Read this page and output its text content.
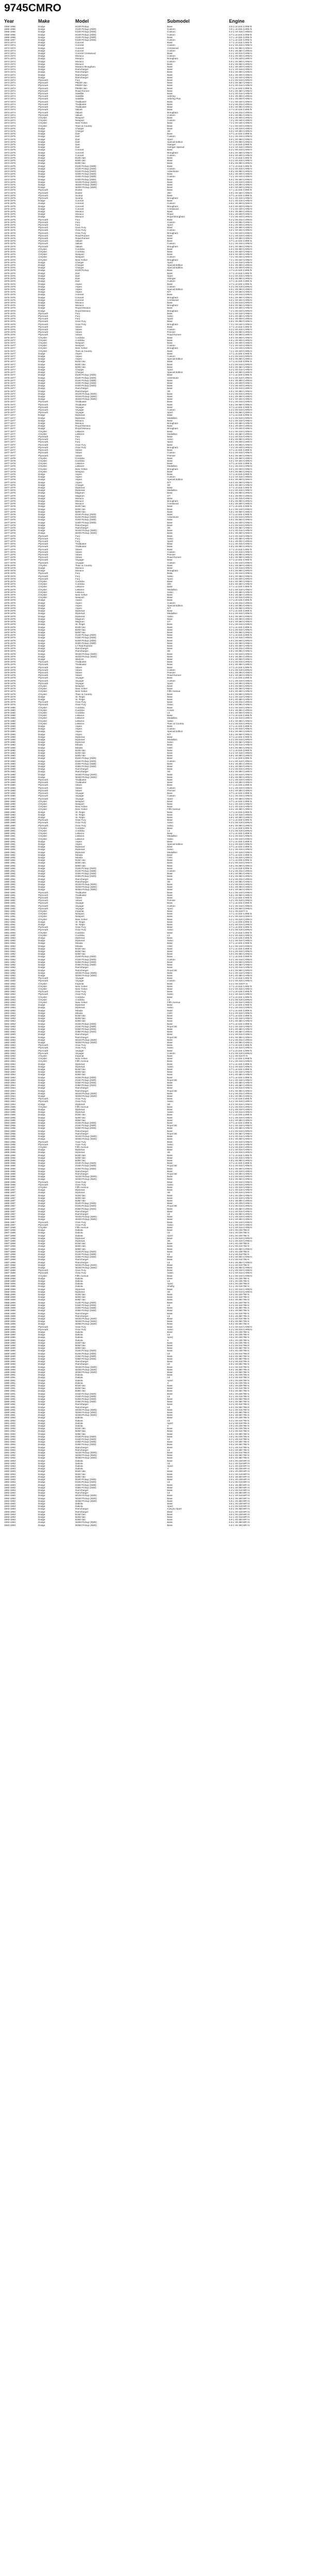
9745CMRO
Year	Make	Model	Submodel	Engine
1966-1966	Dodge	D100 Pickup	Base	3.9 L L6 225 CARB N
1966-1966	Dodge	D100 Pickup (2WD)	Custom	3.9 L L6 225 CARB N
1966-1966	Dodge	D100 Pickup (2WD)	Custom	5.2 L V8 318 CARB N
1966-1966	Dodge	D100 Pickup (2WD)	Custom	3.7 L L6 225 CARB N
1966-1966	Dodge	D100 Pickup (2WD)	Base	3.7 L L6 225 CARB N
1966-1967	Dodge	D100 Pickup (2WD)	Custom	3.7 L L6 225 CARB N
1974-1974	Dodge	Coronet	Base	3.7 L L6 225 CARB N
1974-1974	Dodge	Coronet	Custom	5.2 L V8 318 CARB N
1974-1974	Dodge	Coronet	Crestwood	5.9 L V8 360 CARB N
1974-1974	Dodge	Coronet	Custom	5.9 L V8 360 CARB N
1974-1974	Dodge	Coronet Crestwood	Base	5.2 L V8 318 CARB N
1974-1974	Dodge	Monaco	Custom	6.6 L V8 400 CARB N
1974-1974	Dodge	Monaco	Brougham	7.2 L V8 440 CARB N
1974-1974	Dodge	Monaco	Custom	5.9 L V8 360 CARB N
1974-1974	Dodge	Monaco	Base	5.9 L V8 360 CARB N
1974-1974	Dodge	Monaco Brougham	Base	6.6 L V8 400 CARB N
1974-1974	Dodge	Ramcharger	Base	5.2 L V8 318 CARB N
1974-1974	Dodge	Ramcharger	Base	5.9 L V8 360 CARB N
1974-1974	Dodge	Ramcharger	Base	6.6 L V8 400 CARB N
1974-1974	Dodge	Ramcharger	Base	7.2 L V8 440 CARB N
1974-1974	Plymouth	Fury	Base	5.2 L V8 318 CARB N
1974-1974	Plymouth	PB100 Van	Base	5.9 L V8 360 CARB N
1974-1974	Plymouth	PB200 Van	Base	5.2 L V8 318 CARB N
1974-1974	Plymouth	PB300 Van	Base	3.7 L L6 225 CARB N
1974-1974	Plymouth	Road Runner	Base	5.9 L V8 360 CARB N
1974-1974	Plymouth	Satellite	Base	5.2 L V8 318 CARB N
1974-1974	Plymouth	Satellite	Sebring	5.9 L V8 360 CARB N
1974-1974	Plymouth	Satellite	Sebring-Plus	6.6 L V8 400 CARB N
1974-1974	Plymouth	Trailduster	Base	7.2 L V8 440 CARB N
1974-1974	Plymouth	Trailduster	Base	5.2 L V8 318 CARB N
1974-1974	Plymouth	Trailduster	Base	5.9 L V8 360 CARB N
1974-1974	Plymouth	Valiant	Base	3.7 L L6 225 CARB N
1974-1974	Plymouth	Valiant	Brougham	5.2 L V8 318 CARB N
1974-1974	Plymouth	Valiant	Custom	5.9 L V8 360 CARB N
1974-1974	Chrysler	Newport	Base	6.6 L V8 400 CARB N
1974-1974	Chrysler	Newport	Custom	7.2 L V8 440 CARB N
1974-1974	Chrysler	New Yorker	Base	7.2 L V8 440 CARB N
1974-1974	Chrysler	Town & Country	Base	7.2 L V8 440 CARB N
1974-1975	Dodge	Charger	Base	5.2 L V8 318 CARB N
1974-1975	Dodge	Charger	SE	5.9 L V8 360 CARB N
1974-1975	Dodge	Dart	Base	3.7 L L6 225 CARB N
1974-1975	Dodge	Dart	Custom	5.2 L V8 318 CARB N
1974-1975	Dodge	Dart	Sport	5.9 L V8 360 CARB N
1974-1975	Dodge	Dart	Special Edition	5.9 L V8 360 CARB N
1974-1975	Dodge	Dart	Swinger	3.7 L L6 225 CARB N
1974-1975	Dodge	Dart	Swinger Special	5.2 L V8 318 CARB N
1974-1975	Dodge	Coronet	Base	5.2 L V8 318 CARB N
1974-1975	Dodge	Coronet	Brougham	5.9 L V8 360 CARB N
1974-1975	Dodge	Coronet	Custom	6.6 L V8 400 CARB N
1974-1975	Dodge	B100 Van	Base	3.7 L L6 225 CARB N
1974-1975	Dodge	B200 Van	Base	5.2 L V8 318 CARB N
1974-1975	Dodge	B300 Van	Base	5.9 L V8 360 CARB N
1974-1975	Dodge	D100 Pickup (2WD)	Base	3.7 L L6 225 CARB N
1974-1975	Dodge	D100 Pickup (2WD)	Custom	5.2 L V8 318 CARB N
1974-1975	Dodge	D100 Pickup (2WD)	Adventurer	5.9 L V8 360 CARB N
1974-1975	Dodge	D200 Pickup (2WD)	Base	6.6 L V8 400 CARB N
1974-1975	Dodge	D200 Pickup (2WD)	Custom	7.2 L V8 440 CARB N
1974-1975	Dodge	D300 Pickup (2WD)	Base	5.9 L V8 360 CARB N
1974-1975	Dodge	W100 Pickup (4WD)	Base	5.2 L V8 318 CARB N
1974-1975	Dodge	W200 Pickup (4WD)	Base	5.9 L V8 360 CARB N
1974-1975	Dodge	W300 Pickup (4WD)	Base	6.6 L V8 400 CARB N
1974-1975	Plymouth	Duster	Base	3.7 L L6 225 CARB N
1974-1975	Plymouth	Duster	360	5.9 L V8 360 CARB N
1974-1975	Plymouth	Scamp	Base	3.7 L L6 225 CARB N
1974-1975	Plymouth	Scamp	Brougham	5.2 L V8 318 CARB N
1975-1975	Dodge	Coronet	Base	5.2 L V8 318 CARB N
1975-1975	Dodge	Coronet	Custom	5.9 L V8 360 CARB N
1975-1975	Dodge	Coronet	Brougham	6.6 L V8 400 CARB N
1975-1975	Dodge	Coronet	Crestwood	7.2 L V8 440 CARB N
1975-1975	Dodge	Monaco	Base	5.9 L V8 360 CARB N
1975-1975	Dodge	Monaco	Royal	6.6 L V8 400 CARB N
1975-1975	Dodge	Monaco	Royal Brougham	7.2 L V8 440 CARB N
1975-1975	Plymouth	Fury	Base	5.2 L V8 318 CARB N
1975-1975	Plymouth	Fury	Custom	5.9 L V8 360 CARB N
1975-1975	Plymouth	Fury	Sport	6.6 L V8 400 CARB N
1975-1975	Plymouth	Gran Fury	Base	5.9 L V8 360 CARB N
1975-1975	Plymouth	Gran Fury	Custom	6.6 L V8 400 CARB N
1975-1975	Plymouth	Gran Fury	Brougham	7.2 L V8 440 CARB N
1975-1975	Plymouth	Road Runner	Base	5.2 L V8 318 CARB N
1975-1975	Plymouth	Road Runner	Base	5.9 L V8 360 CARB N
1975-1975	Plymouth	Valiant	Base	3.7 L L6 225 CARB N
1975-1975	Plymouth	Valiant	Custom	5.2 L V8 318 CARB N
1975-1975	Plymouth	Valiant	Brougham	5.9 L V8 360 CARB N
1975-1976	Chrysler	Cordoba	Base	5.9 L V8 360 CARB N
1975-1976	Chrysler	Cordoba	Base	6.6 L V8 400 CARB N
1975-1976	Chrysler	Newport	Base	6.6 L V8 400 CARB N
1975-1976	Chrysler	Newport	Custom	7.2 L V8 440 CARB N
1975-1976	Chrysler	New Yorker	Brougham	7.2 L V8 440 CARB N
1975-1976	Dodge	Charger	Sport	5.2 L V8 318 CARB N
1975-1976	Dodge	Charger	Special Edition	5.9 L V8 360 CARB N
1975-1976	Dodge	Charger	Special Edition	6.6 L V8 400 CARB N
1975-1976	Dodge	D100 Pickup	Base	3.7 L L6 225 CARB N
1975-1976	Dodge	Dart	Base	3.7 L L6 225 CARB N
1975-1976	Dodge	Dart	Sport	5.2 L V8 318 CARB N
1975-1976	Dodge	Dart	Swinger	5.9 L V8 360 CARB N
1975-1976	Dodge	Dart	Custom	3.7 L L6 225 CARB N
1976-1976	Dodge	Aspen	Base	3.7 L L6 225 CARB N
1976-1976	Dodge	Aspen	Custom	5.2 L V8 318 CARB N
1976-1976	Dodge	Aspen	Special Edition	5.9 L V8 360 CARB N
1976-1976	Dodge	Aspen	R/T	5.9 L V8 360 CARB N
1976-1976	Dodge	Coronet	Base	5.2 L V8 318 CARB N
1976-1976	Dodge	Coronet	Brougham	5.9 L V8 360 CARB N
1976-1976	Dodge	Coronet	Crestwood	6.6 L V8 400 CARB N
1976-1976	Dodge	Monaco	Base	5.2 L V8 318 CARB N
1976-1976	Dodge	Monaco	Brougham	5.9 L V8 360 CARB N
1976-1976	Dodge	Royal Monaco	Base	6.6 L V8 400 CARB N
1976-1976	Dodge	Royal Monaco	Brougham	7.2 L V8 440 CARB N
1976-1976	Plymouth	Fury	Base	5.2 L V8 318 CARB N
1976-1976	Plymouth	Fury	Salon	5.9 L V8 360 CARB N
1976-1976	Plymouth	Fury	Sport	6.6 L V8 400 CARB N
1976-1976	Plymouth	Gran Fury	Base	5.9 L V8 360 CARB N
1976-1976	Plymouth	Gran Fury	Brougham	7.2 L V8 440 CARB N
1976-1976	Plymouth	Volare	Base	3.7 L L6 225 CARB N
1976-1976	Plymouth	Volare	Custom	5.2 L V8 318 CARB N
1976-1976	Plymouth	Volare	Premier	5.9 L V8 360 CARB N
1976-1976	Plymouth	Volare	Road Runner	5.9 L V8 360 CARB N
1976-1977	Chrysler	Cordoba	Base	5.9 L V8 360 CARB N
1976-1977	Chrysler	Cordoba	Base	6.6 L V8 400 CARB N
1976-1977	Chrysler	Newport	Base	6.6 L V8 400 CARB N
1976-1977	Chrysler	Newport	Custom	7.2 L V8 440 CARB N
1976-1977	Chrysler	New Yorker	Brougham	7.2 L V8 440 CARB N
1976-1977	Chrysler	Town & Country	Base	7.2 L V8 440 CARB N
1976-1977	Dodge	Aspen	Base	3.7 L L6 225 CARB N
1976-1977	Dodge	Aspen	Custom	5.2 L V8 318 CARB N
1976-1977	Dodge	Aspen	Special Edition	5.9 L V8 360 CARB N
1976-1977	Dodge	B100 Van	Base	3.7 L L6 225 CARB N
1976-1977	Dodge	B200 Van	Base	5.2 L V8 318 CARB N
1976-1977	Dodge	B300 Van	Base	5.9 L V8 360 CARB N
1976-1977	Dodge	Charger	Sport	5.2 L V8 318 CARB N
1976-1977	Dodge	Charger	Special Edition	5.9 L V8 360 CARB N
1976-1977	Dodge	D100 Pickup (2WD)	Base	3.7 L L6 225 CARB N
1976-1977	Dodge	D100 Pickup (2WD)	Adventurer	5.2 L V8 318 CARB N
1976-1977	Dodge	D150 Pickup (2WD)	Base	5.9 L V8 360 CARB N
1976-1977	Dodge	D200 Pickup (2WD)	Base	6.6 L V8 400 CARB N
1976-1977	Dodge	D300 Pickup (2WD)	Base	7.2 L V8 440 CARB N
1976-1977	Dodge	Ramcharger	Base	5.2 L V8 318 CARB N
1976-1977	Dodge	Ramcharger	SE	5.9 L V8 360 CARB N
1976-1977	Dodge	W100 Pickup (4WD)	Base	5.2 L V8 318 CARB N
1976-1977	Dodge	W150 Pickup (4WD)	Base	5.9 L V8 360 CARB N
1976-1977	Dodge	W200 Pickup (4WD)	Base	6.6 L V8 400 CARB N
1976-1977	Plymouth	Trailduster	Base	5.2 L V8 318 CARB N
1976-1977	Plymouth	Trailduster	Base	5.9 L V8 360 CARB N
1976-1977	Plymouth	Voyager	Base	3.7 L L6 225 CARB N
1976-1977	Plymouth	Voyager	Custom	5.2 L V8 318 CARB N
1976-1977	Plymouth	Voyager	Sport	5.9 L V8 360 CARB N
1977-1977	Dodge	Diplomat	Base	3.7 L L6 225 CARB N
1977-1977	Dodge	Diplomat	Medallion	5.2 L V8 318 CARB N
1977-1977	Dodge	Monaco	Base	5.2 L V8 318 CARB N
1977-1977	Dodge	Monaco	Brougham	5.9 L V8 360 CARB N
1977-1977	Dodge	Royal Monaco	Base	6.6 L V8 400 CARB N
1977-1977	Dodge	Royal Monaco	Brougham	7.2 L V8 440 CARB N
1977-1977	Chrysler	LeBaron	Base	5.2 L V8 318 CARB N
1977-1977	Chrysler	LeBaron	Medallion	5.9 L V8 360 CARB N
1977-1977	Plymouth	Fury	Base	5.2 L V8 318 CARB N
1977-1977	Plymouth	Fury	Salon	5.9 L V8 360 CARB N
1977-1977	Plymouth	Fury	Sport	6.6 L V8 400 CARB N
1977-1977	Plymouth	Gran Fury	Base	5.9 L V8 360 CARB N
1977-1977	Plymouth	Gran Fury	Brougham	7.2 L V8 440 CARB N
1977-1977	Plymouth	Volare	Base	3.7 L L6 225 CARB N
1977-1977	Plymouth	Volare	Custom	5.2 L V8 318 CARB N
1977-1977	Plymouth	Volare	Premier	5.9 L V8 360 CARB N
1977-1978	Chrysler	Cordoba	Base	5.9 L V8 360 CARB N
1977-1978	Chrysler	Cordoba	Base	6.6 L V8 400 CARB N
1977-1978	Chrysler	LeBaron	Base	3.7 L L6 225 CARB N
1977-1978	Chrysler	LeBaron	Medallion	5.2 L V8 318 CARB N
1977-1978	Chrysler	New Yorker	Brougham	6.6 L V8 400 CARB N
1977-1978	Chrysler	Newport	Base	5.9 L V8 360 CARB N
1977-1978	Dodge	Aspen	Base	3.7 L L6 225 CARB N
1977-1978	Dodge	Aspen	Custom	5.2 L V8 318 CARB N
1977-1978	Dodge	Aspen	Special Edition	5.9 L V8 360 CARB N
1977-1978	Dodge	Aspen	R/T	5.9 L V8 360 CARB N
1977-1978	Dodge	Charger	SE	5.9 L V8 360 CARB N
1977-1978	Dodge	Diplomat	Base	3.7 L L6 225 CARB N
1977-1978	Dodge	Diplomat	Medallion	5.2 L V8 318 CARB N
1977-1978	Dodge	Magnum	Base	5.9 L V8 360 CARB N
1977-1978	Dodge	Magnum	GT	6.6 L V8 400 CARB N
1977-1978	Dodge	Monaco	Base	5.2 L V8 318 CARB N
1977-1978	Dodge	Monaco	Brougham	5.9 L V8 360 CARB N
1977-1978	Dodge	Monaco	Crestwood	6.6 L V8 400 CARB N
1977-1978	Dodge	B100 Van	Base	3.7 L L6 225 CARB N
1977-1978	Dodge	B200 Van	Base	5.2 L V8 318 CARB N
1977-1978	Dodge	B300 Van	Base	5.9 L V8 360 CARB N
1977-1978	Dodge	D100 Pickup (2WD)	Base	3.7 L L6 225 CARB N
1977-1978	Dodge	D150 Pickup (2WD)	Adventurer	5.2 L V8 318 CARB N
1977-1978	Dodge	D200 Pickup (2WD)	Base	5.9 L V8 360 CARB N
1977-1978	Dodge	D300 Pickup (2WD)	Base	6.6 L V8 400 CARB N
1977-1978	Dodge	Ramcharger	Base	5.2 L V8 318 CARB N
1977-1978	Dodge	Ramcharger	SE	5.9 L V8 360 CARB N
1977-1978	Dodge	W150 Pickup (4WD)	Base	5.2 L V8 318 CARB N
1977-1978	Dodge	W200 Pickup (4WD)	Base	5.9 L V8 360 CARB N
1977-1978	Plymouth	Fury	Base	5.2 L V8 318 CARB N
1977-1978	Plymouth	Fury	Salon	5.9 L V8 360 CARB N
1977-1978	Plymouth	Fury	Sport	6.6 L V8 400 CARB N
1977-1978	Plymouth	Trailduster	Base	5.2 L V8 318 CARB N
1977-1978	Plymouth	Trailduster	Base	5.9 L V8 360 CARB N
1977-1978	Plymouth	Volare	Base	3.7 L L6 225 CARB N
1977-1978	Plymouth	Volare	Custom	5.2 L V8 318 CARB N
1977-1978	Plymouth	Volare	Premier	5.9 L V8 360 CARB N
1977-1978	Plymouth	Volare	Road Runner	5.9 L V8 360 CARB N
1977-1978	Plymouth	Voyager	Base	3.7 L L6 225 CARB N
1977-1978	Plymouth	Voyager	Custom	5.2 L V8 318 CARB N
1978-1978	Chrysler	Town & Country	Base	5.9 L V8 360 CARB N
1978-1978	Dodge	Monaco	Base	5.2 L V8 318 CARB N
1978-1978	Dodge	Monaco	Brougham	5.9 L V8 360 CARB N
1978-1978	Plymouth	Fury	Base	5.2 L V8 318 CARB N
1978-1978	Plymouth	Fury	Salon	5.9 L V8 360 CARB N
1978-1978	Plymouth	Fury	Sport	6.6 L V8 400 CARB N
1978-1979	Chrysler	Cordoba	Base	5.9 L V8 360 CARB N
1978-1979	Chrysler	Cordoba	300	5.9 L V8 360 CARB N
1978-1979	Chrysler	LeBaron	Base	3.7 L L6 225 CARB N
1978-1979	Chrysler	LeBaron	Medallion	5.2 L V8 318 CARB N
1978-1979	Chrysler	LeBaron	Salon	5.9 L V8 360 CARB N
1978-1979	Chrysler	New Yorker	Base	5.9 L V8 360 CARB N
1978-1979	Chrysler	Newport	Base	5.2 L V8 318 CARB N
1978-1979	Dodge	Aspen	Base	3.7 L L6 225 CARB N
1978-1979	Dodge	Aspen	Custom	5.2 L V8 318 CARB N
1978-1979	Dodge	Aspen	Special Edition	5.9 L V8 360 CARB N
1978-1979	Dodge	Aspen	R/T	5.9 L V8 360 CARB N
1978-1979	Dodge	Diplomat	Base	3.7 L L6 225 CARB N
1978-1979	Dodge	Diplomat	Medallion	5.2 L V8 318 CARB N
1978-1979	Dodge	Diplomat	Salon	5.9 L V8 360 CARB N
1978-1979	Dodge	Magnum	Base	5.9 L V8 360 CARB N
1978-1979	Dodge	Magnum	GT	5.9 L V8 360 CARB N
1978-1979	Dodge	St. Regis	Base	5.2 L V8 318 CARB N
1978-1979	Dodge	B100 Van	Base	3.7 L L6 225 CARB N
1978-1979	Dodge	B200 Van	Base	5.2 L V8 318 CARB N
1978-1979	Dodge	B300 Van	Base	5.9 L V8 360 CARB N
1978-1979	Dodge	D100 Pickup (2WD)	Base	3.7 L L6 225 CARB N
1978-1979	Dodge	D150 Pickup (2WD)	Base	5.2 L V8 318 CARB N
1978-1979	Dodge	D200 Pickup (2WD)	Base	5.9 L V8 360 CARB N
1978-1979	Dodge	D300 Pickup (2WD)	Base	5.9 L V8 360 CARB N
1978-1979	Dodge	Li'l Red Express	Base	5.9 L V8 360 CARB N
1978-1979	Dodge	Ramcharger	Base	5.2 L V8 318 CARB N
1978-1979	Dodge	Ramcharger	SE	5.9 L V8 360 CARB N
1978-1979	Dodge	W150 Pickup (4WD)	Base	5.2 L V8 318 CARB N
1978-1979	Dodge	W200 Pickup (4WD)	Base	5.9 L V8 360 CARB N
1978-1979	Dodge	Warlock	Base	5.9 L V8 360 CARB N
1978-1979	Plymouth	Trailduster	Base	5.2 L V8 318 CARB N
1978-1979	Plymouth	Trailduster	Base	5.9 L V8 360 CARB N
1978-1979	Plymouth	Volare	Base	3.7 L L6 225 CARB N
1978-1979	Plymouth	Volare	Custom	5.2 L V8 318 CARB N
1978-1979	Plymouth	Volare	Premier	5.9 L V8 360 CARB N
1978-1979	Plymouth	Volare	Road Runner	5.9 L V8 360 CARB N
1978-1979	Plymouth	Voyager	Base	3.7 L L6 225 CARB N
1978-1979	Plymouth	Voyager	Custom	5.2 L V8 318 CARB N
1978-1979	Plymouth	Voyager	Sport	5.9 L V8 360 CARB N
1979-1979	Chrysler	Newport	Base	5.9 L V8 360 CARB N
1979-1979	Chrysler	New Yorker	Base	5.9 L V8 360 CARB N
1979-1979	Chrysler	New Yorker	Fifth Avenue	5.9 L V8 360 CARB N
1979-1979	Chrysler	Town & Country	Base	5.9 L V8 360 CARB N
1979-1979	Dodge	St. Regis	Base	5.2 L V8 318 CARB N
1979-1979	Dodge	St. Regis	Base	5.9 L V8 360 CARB N
1979-1979	Plymouth	Gran Fury	Base	5.2 L V8 318 CARB N
1979-1979	Plymouth	Gran Fury	Salon	5.9 L V8 360 CARB N
1979-1980	Chrysler	Cordoba	Base	5.2 L V8 318 CARB N
1979-1980	Chrysler	Cordoba	Crown	5.9 L V8 360 CARB N
1979-1980	Chrysler	Cordoba	LS	5.9 L V8 360 CARB N
1979-1980	Chrysler	LeBaron	Base	3.7 L L6 225 CARB N
1979-1980	Chrysler	LeBaron	Medallion	5.2 L V8 318 CARB N
1979-1980	Chrysler	LeBaron	Salon	5.9 L V8 360 CARB N
1979-1980	Chrysler	LeBaron	Town & Country	5.2 L V8 318 CARB N
1979-1980	Dodge	Aspen	Base	3.7 L L6 225 CARB N
1979-1980	Dodge	Aspen	Custom	5.2 L V8 318 CARB N
1979-1980	Dodge	Aspen	Special Edition	5.9 L V8 360 CARB N
1979-1980	Dodge	Aspen	R/T	5.9 L V8 360 CARB N
1979-1980	Dodge	Diplomat	Base	3.7 L L6 225 CARB N
1979-1980	Dodge	Diplomat	Medallion	5.2 L V8 318 CARB N
1979-1980	Dodge	Diplomat	Salon	5.9 L V8 360 CARB N
1979-1980	Dodge	Mirada	Base	5.2 L V8 318 CARB N
1979-1980	Dodge	Mirada	CMX	5.9 L V8 360 CARB N
1979-1980	Dodge	B100 Van	Base	3.7 L L6 225 CARB N
1979-1980	Dodge	B200 Van	Base	5.2 L V8 318 CARB N
1979-1980	Dodge	B300 Van	Base	5.9 L V8 360 CARB N
1979-1980	Dodge	D150 Pickup (2WD)	Base	3.7 L L6 225 CARB N
1979-1980	Dodge	D150 Pickup (2WD)	Custom	5.2 L V8 318 CARB N
1979-1980	Dodge	D250 Pickup (2WD)	Base	5.9 L V8 360 CARB N
1979-1980	Dodge	D350 Pickup (2WD)	Base	5.9 L V8 360 CARB N
1979-1980	Dodge	Ramcharger	Base	5.2 L V8 318 CARB N
1979-1980	Dodge	Ramcharger	SE	5.9 L V8 360 CARB N
1979-1980	Dodge	W150 Pickup (4WD)	Base	5.2 L V8 318 CARB N
1979-1980	Dodge	W250 Pickup (4WD)	Base	5.9 L V8 360 CARB N
1979-1980	Plymouth	Trailduster	Base	5.2 L V8 318 CARB N
1979-1980	Plymouth	Trailduster	Base	5.9 L V8 360 CARB N
1979-1980	Plymouth	Volare	Base	3.7 L L6 225 CARB N
1979-1980	Plymouth	Volare	Custom	5.2 L V8 318 CARB N
1979-1980	Plymouth	Volare	Premier	5.9 L V8 360 CARB N
1979-1980	Plymouth	Voyager	Base	3.7 L L6 225 CARB N
1979-1980	Plymouth	Voyager	Custom	5.2 L V8 318 CARB N
1979-1980	Plymouth	Voyager	Sport	5.9 L V8 360 CARB N
1980-1980	Chrysler	Newport	Base	3.7 L L6 225 CARB N
1980-1980	Chrysler	Newport	Base	5.2 L V8 318 CARB N
1980-1980	Chrysler	New Yorker	Base	5.2 L V8 318 CARB N
1980-1980	Chrysler	New Yorker	Fifth Avenue	5.9 L V8 360 CARB N
1980-1980	Dodge	St. Regis	Base	3.7 L L6 225 CARB N
1980-1980	Dodge	St. Regis	Base	5.2 L V8 318 CARB N
1980-1980	Dodge	St. Regis	Base	5.9 L V8 360 CARB N
1980-1980	Plymouth	Gran Fury	Base	3.7 L L6 225 CARB N
1980-1980	Plymouth	Gran Fury	Salon	5.2 L V8 318 CARB N
1980-1980	Plymouth	Gran Fury	Salon	5.9 L V8 360 CARB N
1980-1981	Chrysler	Cordoba	Base	3.7 L L6 225 CARB N
1980-1981	Chrysler	Cordoba	LS	5.2 L V8 318 CARB N
1980-1981	Chrysler	LeBaron	Base	3.7 L L6 225 CARB N
1980-1981	Chrysler	LeBaron	Medallion	5.2 L V8 318 CARB N
1980-1981	Chrysler	LeBaron	Salon	5.2 L V8 318 CARB N
1980-1981	Dodge	Aspen	Base	3.7 L L6 225 CARB N
1980-1981	Dodge	Aspen	Special Edition	5.2 L V8 318 CARB N
1980-1981	Dodge	Diplomat	Base	3.7 L L6 225 CARB N
1980-1981	Dodge	Diplomat	Salon	5.2 L V8 318 CARB N
1980-1981	Dodge	Diplomat	Medallion	5.2 L V8 318 CARB N
1980-1981	Dodge	Mirada	Base	3.7 L L6 225 CARB N
1980-1981	Dodge	Mirada	CMX	5.2 L V8 318 CARB N
1980-1981	Dodge	B150 Van	Base	3.7 L L6 225 CARB N
1980-1981	Dodge	B250 Van	Base	5.2 L V8 318 CARB N
1980-1981	Dodge	B350 Van	Base	5.9 L V8 360 CARB N
1980-1981	Dodge	D150 Pickup (2WD)	Base	3.7 L L6 225 CARB N
1980-1981	Dodge	D150 Pickup (2WD)	Custom	5.2 L V8 318 CARB N
1980-1981	Dodge	D250 Pickup (2WD)	Base	5.9 L V8 360 CARB N
1980-1981	Dodge	D350 Pickup (2WD)	Base	5.9 L V8 360 CARB N
1980-1981	Dodge	Ramcharger	Base	5.2 L V8 318 CARB N
1980-1981	Dodge	Ramcharger	SE	5.9 L V8 360 CARB N
1980-1981	Dodge	W150 Pickup (4WD)	Base	5.2 L V8 318 CARB N
1980-1981	Dodge	W250 Pickup (4WD)	Base	5.9 L V8 360 CARB N
1980-1981	Dodge	W350 Pickup (4WD)	Base	5.9 L V8 360 CARB N
1980-1981	Plymouth	Trailduster	Base	5.2 L V8 318 CARB N
1980-1981	Plymouth	Trailduster	Base	5.9 L V8 360 CARB N
1980-1981	Plymouth	Volare	Base	3.7 L L6 225 CARB N
1980-1981	Plymouth	Volare	Premier	5.2 L V8 318 CARB N
1980-1981	Plymouth	Voyager	Base	3.7 L L6 225 CARB N
1980-1981	Plymouth	Voyager	Custom	5.2 L V8 318 CARB N
1980-1981	Plymouth	Voyager	Sport	5.9 L V8 360 CARB N
1981-1981	Chrysler	Imperial	Base	5.2 L V8 318 FI N
1981-1981	Chrysler	Newport	Base	3.7 L L6 225 CARB N
1981-1981	Chrysler	Newport	Base	5.2 L V8 318 CARB N
1981-1981	Chrysler	New Yorker	Base	5.2 L V8 318 CARB N
1981-1981	Dodge	St. Regis	Base	3.7 L L6 225 CARB N
1981-1981	Dodge	St. Regis	Base	5.2 L V8 318 CARB N
1981-1981	Plymouth	Gran Fury	Base	3.7 L L6 225 CARB N
1981-1981	Plymouth	Gran Fury	Salon	5.2 L V8 318 CARB N
1981-1982	Chrysler	Cordoba	Base	3.7 L L6 225 CARB N
1981-1982	Chrysler	Cordoba	LS	5.2 L V8 318 CARB N
1981-1982	Dodge	Diplomat	Base	3.7 L L6 225 CARB N
1981-1982	Dodge	Diplomat	Salon	5.2 L V8 318 CARB N
1981-1982	Dodge	Mirada	Base	3.7 L L6 225 CARB N
1981-1982	Dodge	Mirada	CMX	5.2 L V8 318 CARB N
1981-1982	Dodge	B150 Van	Base	3.7 L L6 225 CARB N
1981-1982	Dodge	B250 Van	Base	5.2 L V8 318 CARB N
1981-1982	Dodge	B350 Van	Base	5.9 L V8 360 CARB N
1981-1982	Dodge	D150 Pickup (2WD)	Base	3.7 L L6 225 CARB N
1981-1982	Dodge	D150 Pickup (2WD)	Custom	5.2 L V8 318 CARB N
1981-1982	Dodge	D250 Pickup (2WD)	Base	5.9 L V8 360 CARB N
1981-1982	Dodge	D350 Pickup (2WD)	Base	5.9 L V8 360 CARB N
1981-1982	Dodge	Ramcharger	Base	5.2 L V8 318 CARB N
1981-1982	Dodge	Ramcharger	Royal SE	5.9 L V8 360 CARB N
1981-1982	Dodge	W150 Pickup (4WD)	Base	5.2 L V8 318 CARB N
1981-1982	Dodge	W250 Pickup (4WD)	Base	5.9 L V8 360 CARB N
1981-1982	Plymouth	Voyager	Base	3.7 L L6 225 CARB N
1981-1982	Plymouth	Voyager	Custom	5.2 L V8 318 CARB N
1982-1982	Chrysler	Imperial	Base	5.2 L V8 318 FI N
1982-1982	Chrysler	New Yorker	Base	3.7 L L6 225 CARB N
1982-1982	Chrysler	New Yorker	Base	5.2 L V8 318 CARB N
1982-1982	Plymouth	Gran Fury	Base	3.7 L L6 225 CARB N
1982-1982	Plymouth	Gran Fury	Salon	5.2 L V8 318 CARB N
1982-1983	Chrysler	Cordoba	Base	3.7 L L6 225 CARB N
1982-1983	Chrysler	Cordoba	LS	5.2 L V8 318 CARB N
1982-1983	Chrysler	New Yorker	Fifth Avenue	5.2 L V8 318 CARB N
1982-1983	Dodge	Diplomat	Base	3.7 L L6 225 CARB N
1982-1983	Dodge	Diplomat	Salon	5.2 L V8 318 CARB N
1982-1983	Dodge	Mirada	Base	3.7 L L6 225 CARB N
1982-1983	Dodge	Mirada	CMX	5.2 L V8 318 CARB N
1982-1983	Dodge	B150 Van	Base	3.7 L L6 225 CARB N
1982-1983	Dodge	B250 Van	Base	5.2 L V8 318 CARB N
1982-1983	Dodge	B350 Van	Base	5.9 L V8 360 CARB N
1982-1983	Dodge	D150 Pickup (2WD)	Base	3.7 L L6 225 CARB N
1982-1983	Dodge	D150 Pickup (2WD)	Royal SE	5.2 L V8 318 CARB N
1982-1983	Dodge	D250 Pickup (2WD)	Base	5.9 L V8 360 CARB N
1982-1983	Dodge	D350 Pickup (2WD)	Base	5.9 L V8 360 CARB N
1982-1983	Dodge	Ramcharger	Base	5.2 L V8 318 CARB N
1982-1983	Dodge	Ramcharger	Royal SE	5.9 L V8 360 CARB N
1982-1983	Dodge	W150 Pickup (4WD)	Base	5.2 L V8 318 CARB N
1982-1983	Dodge	W250 Pickup (4WD)	Base	5.9 L V8 360 CARB N
1982-1983	Plymouth	Gran Fury	Base	3.7 L L6 225 CARB N
1982-1983	Plymouth	Gran Fury	Salon	5.2 L V8 318 CARB N
1982-1983	Plymouth	Voyager	Base	3.7 L L6 225 CARB N
1982-1983	Plymouth	Voyager	Custom	5.2 L V8 318 CARB N
1983-1983	Chrysler	Imperial	Base	5.2 L V8 318 FI N
1983-1983	Chrysler	New Yorker	Base	3.7 L L6 225 CARB N
1983-1984	Chrysler	Fifth Avenue	Base	5.2 L V8 318 CARB N
1983-1984	Dodge	Diplomat	Base	3.7 L L6 225 CARB N
1983-1984	Dodge	Diplomat	Salon	5.2 L V8 318 CARB N
1983-1984	Dodge	B150 Van	Base	3.7 L L6 225 CARB N
1983-1984	Dodge	B250 Van	Base	5.2 L V8 318 CARB N
1983-1984	Dodge	B350 Van	Base	5.9 L V8 360 CARB N
1983-1984	Dodge	D150 Pickup (2WD)	Base	3.7 L L6 225 CARB N
1983-1984	Dodge	D150 Pickup (2WD)	Royal SE	5.2 L V8 318 CARB N
1983-1984	Dodge	D250 Pickup (2WD)	Base	5.9 L V8 360 CARB N
1983-1984	Dodge	D350 Pickup (2WD)	Base	5.9 L V8 360 CARB N
1983-1984	Dodge	Ramcharger	Base	5.2 L V8 318 CARB N
1983-1984	Dodge	Ramcharger	Royal SE	5.9 L V8 360 CARB N
1983-1984	Dodge	W150 Pickup (4WD)	Base	5.2 L V8 318 CARB N
1983-1984	Dodge	W250 Pickup (4WD)	Base	5.9 L V8 360 CARB N
1983-1984	Plymouth	Gran Fury	Base	3.7 L L6 225 CARB N
1983-1984	Plymouth	Gran Fury	Salon	5.2 L V8 318 CARB N
1984-1984	Dodge	Diplomat	SE	5.2 L V8 318 CARB N
1984-1985	Chrysler	Fifth Avenue	Base	5.2 L V8 318 CARB N
1984-1985	Dodge	Diplomat	Base	5.2 L V8 318 CARB N
1984-1985	Dodge	Diplomat	Salon	5.2 L V8 318 CARB N
1984-1985	Dodge	B150 Van	Base	3.7 L L6 225 CARB N
1984-1985	Dodge	B250 Van	Base	5.2 L V8 318 CARB N
1984-1985	Dodge	B350 Van	Base	5.9 L V8 360 CARB N
1984-1985	Dodge	D150 Pickup (2WD)	Base	3.7 L L6 225 CARB N
1984-1985	Dodge	D150 Pickup (2WD)	Royal SE	5.2 L V8 318 CARB N
1984-1985	Dodge	D250 Pickup (2WD)	Base	5.9 L V8 360 CARB N
1984-1985	Dodge	Ramcharger	Base	5.2 L V8 318 CARB N
1984-1985	Dodge	Ramcharger	Royal SE	5.9 L V8 360 CARB N
1984-1985	Dodge	W150 Pickup (4WD)	Base	5.2 L V8 318 CARB N
1984-1985	Dodge	W250 Pickup (4WD)	Base	5.9 L V8 360 CARB N
1984-1985	Plymouth	Gran Fury	Base	5.2 L V8 318 CARB N
1984-1985	Plymouth	Gran Fury	Salon	5.2 L V8 318 CARB N
1985-1986	Chrysler	Fifth Avenue	Base	5.2 L V8 318 CARB N
1985-1986	Dodge	Diplomat	Base	5.2 L V8 318 CARB N
1985-1986	Dodge	Diplomat	SE	5.2 L V8 318 CARB N
1985-1986	Dodge	B150 Van	Base	3.7 L L6 225 CARB N
1985-1986	Dodge	B250 Van	Base	5.2 L V8 318 CARB N
1985-1986	Dodge	B350 Van	Base	5.9 L V8 360 CARB N
1985-1986	Dodge	D100 Pickup (2WD)	Base	3.7 L L6 225 CARB N
1985-1986	Dodge	D150 Pickup (2WD)	Royal SE	5.2 L V8 318 CARB N
1985-1986	Dodge	D250 Pickup (2WD)	Base	5.9 L V8 360 CARB N
1985-1986	Dodge	Ramcharger	Base	5.2 L V8 318 CARB N
1985-1986	Dodge	Ramcharger	Royal SE	5.9 L V8 360 CARB N
1985-1986	Dodge	W150 Pickup (4WD)	Base	5.2 L V8 318 CARB N
1985-1986	Dodge	W250 Pickup (4WD)	Base	5.9 L V8 360 CARB N
1985-1986	Plymouth	Gran Fury	Base	5.2 L V8 318 CARB N
1985-1986	Plymouth	Gran Fury	Salon	5.2 L V8 318 CARB N
1986-1987	Chrysler	Fifth Avenue	Base	5.2 L V8 318 CARB N
1986-1987	Dodge	Diplomat	Base	5.2 L V8 318 CARB N
1986-1987	Dodge	Diplomat	SE	5.2 L V8 318 CARB N
1986-1987	Dodge	B150 Van	Base	3.9 L V6 239 CARB N
1986-1987	Dodge	B250 Van	Base	5.2 L V8 318 CARB N
1986-1987	Dodge	B350 Van	Base	5.9 L V8 360 CARB N
1986-1987	Dodge	D100 Pickup (2WD)	Base	3.9 L V6 239 CARB N
1986-1987	Dodge	D150 Pickup (2WD)	Royal SE	5.2 L V8 318 CARB N
1986-1987	Dodge	D250 Pickup (2WD)	Base	5.9 L V8 360 CARB N
1986-1987	Dodge	Ramcharger	Base	5.2 L V8 318 CARB N
1986-1987	Dodge	Ramcharger	LE	5.9 L V8 360 CARB N
1986-1987	Dodge	W150 Pickup (4WD)	Base	5.2 L V8 318 CARB N
1986-1987	Dodge	W250 Pickup (4WD)	Base	5.9 L V8 360 CARB N
1986-1987	Plymouth	Gran Fury	Base	5.2 L V8 318 CARB N
1986-1987	Plymouth	Gran Fury	Salon	5.2 L V8 318 CARB N
1987-1988	Chrysler	Fifth Avenue	Base	5.2 L V8 318 CARB N
1987-1988	Dodge	Dakota	Base	3.9 L V6 239 TBI N
1987-1988	Dodge	Dakota	LE	3.9 L V6 239 TBI N
1987-1988	Dodge	Dakota	Sport	3.9 L V6 239 TBI N
1987-1988	Dodge	Diplomat	Base	5.2 L V8 318 CARB N
1987-1988	Dodge	Diplomat	SE	5.2 L V8 318 CARB N
1987-1988	Dodge	B150 Van	Base	3.9 L V6 239 TBI N
1987-1988	Dodge	B250 Van	Base	5.2 L V8 318 TBI N
1987-1988	Dodge	B350 Van	Base	5.9 L V8 360 CARB N
1987-1988	Dodge	D100 Pickup (2WD)	Base	3.9 L V6 239 TBI N
1987-1988	Dodge	D150 Pickup (2WD)	LE	5.2 L V8 318 TBI N
1987-1988	Dodge	D250 Pickup (2WD)	Base	5.9 L V8 360 CARB N
1987-1988	Dodge	Ramcharger	Base	5.2 L V8 318 TBI N
1987-1988	Dodge	Ramcharger	LE	5.9 L V8 360 CARB N
1987-1988	Dodge	W150 Pickup (4WD)	Base	5.2 L V8 318 TBI N
1987-1988	Dodge	W250 Pickup (4WD)	Base	5.9 L V8 360 CARB N
1987-1988	Plymouth	Gran Fury	Base	5.2 L V8 318 CARB N
1987-1988	Plymouth	Gran Fury	Salon	5.2 L V8 318 CARB N
1988-1989	Chrysler	Fifth Avenue	Base	5.2 L V8 318 CARB N
1988-1989	Dodge	Dakota	Base	3.9 L V6 239 TBI N
1988-1989	Dodge	Dakota	LE	3.9 L V6 239 TBI N
1988-1989	Dodge	Dakota	Sport	3.9 L V6 239 TBI N
1988-1989	Dodge	Dakota	Shelby	5.2 L V8 318 TBI N
1988-1989	Dodge	Diplomat	Base	5.2 L V8 318 CARB N
1988-1989	Dodge	Diplomat	SE	5.2 L V8 318 CARB N
1988-1989	Dodge	B150 Van	Base	3.9 L V6 239 TBI N
1988-1989	Dodge	B250 Van	Base	5.2 L V8 318 TBI N
1988-1989	Dodge	B350 Van	Base	5.9 L V8 360 TBI N
1988-1989	Dodge	D100 Pickup (2WD)	Base	3.9 L V6 239 TBI N
1988-1989	Dodge	D150 Pickup (2WD)	LE	5.2 L V8 318 TBI N
1988-1989	Dodge	D250 Pickup (2WD)	Base	5.9 L V8 360 TBI N
1988-1989	Dodge	D350 Pickup (2WD)	Base	5.9 L V8 360 TBI N
1988-1989	Dodge	Ramcharger	Base	5.2 L V8 318 TBI N
1988-1989	Dodge	Ramcharger	LE	5.9 L V8 360 TBI N
1988-1989	Dodge	W150 Pickup (4WD)	Base	5.2 L V8 318 TBI N
1988-1989	Dodge	W250 Pickup (4WD)	Base	5.9 L V8 360 TBI N
1988-1989	Dodge	W350 Pickup (4WD)	Base	5.9 L V8 360 TBI N
1988-1989	Plymouth	Gran Fury	Base	5.2 L V8 318 CARB N
1988-1989	Plymouth	Gran Fury	Salon	5.2 L V8 318 CARB N
1989-1990	Dodge	Dakota	Base	3.9 L V6 239 TBI N
1989-1990	Dodge	Dakota	LE	3.9 L V6 239 TBI N
1989-1990	Dodge	Dakota	Sport	3.9 L V6 239 TBI N
1989-1990	Dodge	Dakota	S	3.9 L V6 239 TBI N
1989-1990	Dodge	B150 Van	Base	3.9 L V6 239 TBI N
1989-1990	Dodge	B250 Van	Base	5.2 L V8 318 TBI N
1989-1990	Dodge	B350 Van	Base	5.9 L V8 360 TBI N
1989-1990	Dodge	D150 Pickup (2WD)	Base	3.9 L V6 239 TBI N
1989-1990	Dodge	D150 Pickup (2WD)	LE	5.2 L V8 318 TBI N
1989-1990	Dodge	D250 Pickup (2WD)	Base	5.9 L V8 360 TBI N
1989-1990	Dodge	D350 Pickup (2WD)	Base	5.9 L V8 360 TBI N
1989-1990	Dodge	Ramcharger	Base	5.2 L V8 318 TBI N
1989-1990	Dodge	Ramcharger	LE	5.9 L V8 360 TBI N
1989-1990	Dodge	W150 Pickup (4WD)	Base	5.2 L V8 318 TBI N
1989-1990	Dodge	W250 Pickup (4WD)	Base	5.9 L V8 360 TBI N
1989-1990	Dodge	W350 Pickup (4WD)	Base	5.9 L V8 360 TBI N
1990-1991	Dodge	Dakota	Base	3.9 L V6 239 TBI N
1990-1991	Dodge	Dakota	LE	5.2 L V8 318 TBI N
1990-1991	Dodge	Dakota	Sport	3.9 L V6 239 TBI N
1990-1991	Dodge	Dakota	S	3.9 L V6 239 TBI N
1990-1991	Dodge	B150 Van	Base	3.9 L V6 239 TBI N
1990-1991	Dodge	B250 Van	Base	5.2 L V8 318 TBI N
1990-1991	Dodge	B350 Van	Base	5.9 L V8 360 TBI N
1990-1991	Dodge	D150 Pickup (2WD)	Base	3.9 L V6 239 TBI N
1990-1991	Dodge	D150 Pickup (2WD)	LE	5.2 L V8 318 TBI N
1990-1991	Dodge	D250 Pickup (2WD)	Base	5.9 L V8 360 TBI N
1990-1991	Dodge	D350 Pickup (2WD)	Base	5.9 L V8 360 TBI N
1990-1991	Dodge	Ramcharger	Base	5.2 L V8 318 TBI N
1990-1991	Dodge	Ramcharger	LE	5.9 L V8 360 TBI N
1990-1991	Dodge	W150 Pickup (4WD)	Base	5.2 L V8 318 TBI N
1990-1991	Dodge	W250 Pickup (4WD)	Base	5.9 L V8 360 TBI N
1990-1991	Dodge	W350 Pickup (4WD)	Base	5.9 L V8 360 TBI N
1991-1992	Dodge	Dakota	Base	3.9 L V6 239 TBI N
1991-1992	Dodge	Dakota	LE	5.2 L V8 318 TBI N
1991-1992	Dodge	Dakota	Sport	5.2 L V8 318 TBI N
1991-1992	Dodge	Dakota	S	3.9 L V6 239 TBI N
1991-1992	Dodge	B150 Van	Base	3.9 L V6 239 TBI N
1991-1992	Dodge	B250 Van	Base	5.2 L V8 318 TBI N
1991-1992	Dodge	B350 Van	Base	5.9 L V8 360 TBI N
1991-1992	Dodge	D150 Pickup (2WD)	Base	3.9 L V6 239 TBI N
1991-1992	Dodge	D150 Pickup (2WD)	LE	5.2 L V8 318 TBI N
1991-1992	Dodge	D250 Pickup (2WD)	Base	5.9 L V8 360 TBI N
1991-1992	Dodge	D350 Pickup (2WD)	Base	5.9 L V8 360 TBI N
1991-1992	Dodge	Ramcharger	Base	5.2 L V8 318 TBI N
1991-1992	Dodge	Ramcharger	LE	5.9 L V8 360 TBI N
1991-1992	Dodge	W150 Pickup (4WD)	Base	5.2 L V8 318 TBI N
1991-1992	Dodge	W250 Pickup (4WD)	Base	5.9 L V8 360 TBI N
1991-1992	Dodge	W350 Pickup (4WD)	Base	5.9 L V8 360 TBI N
1992-1993	Dodge	Dakota	Base	3.9 L V6 239 MFI N
1992-1993	Dodge	Dakota	LE	5.2 L V8 318 MFI N
1992-1993	Dodge	Dakota	Sport	5.2 L V8 318 MFI N
1992-1993	Dodge	Dakota	S	3.9 L V6 239 MFI N
1992-1993	Dodge	B150 Van	Base	3.9 L V6 239 MFI N
1992-1993	Dodge	B250 Van	Base	5.2 L V8 318 MFI N
1992-1993	Dodge	B350 Van	Base	5.9 L V8 360 MFI N
1992-1993	Dodge	D150 Pickup (2WD)	Base	3.9 L V6 239 MFI N
1992-1993	Dodge	D150 Pickup (2WD)	LE	5.2 L V8 318 MFI N
1992-1993	Dodge	D250 Pickup (2WD)	Base	5.9 L V8 360 MFI N
1992-1993	Dodge	D350 Pickup (2WD)	Base	5.9 L V8 360 MFI N
1992-1993	Dodge	Ramcharger	Base	5.2 L V8 318 MFI N
1992-1993	Dodge	Ramcharger	LE	5.9 L V8 360 MFI N
1992-1993	Dodge	W150 Pickup (4WD)	Base	5.2 L V8 318 MFI N
1992-1993	Dodge	W250 Pickup (4WD)	Base	5.9 L V8 360 MFI N
1992-1993	Dodge	W350 Pickup (4WD)	Base	5.9 L V8 360 MFI N
1993-1993	Dodge	Dakota	Base	3.9 L V6 239 MFI N
1993-1993	Dodge	Dakota	Sport	5.2 L V8 318 MFI N
1993-1993	Dodge	Ramcharger	Canyon Sport	5.9 L V8 360 MFI N
1993-1993	Dodge	Ramcharger	Base	5.2 L V8 318 MFI N
1993-1993	Dodge	B150 Van	Base	3.9 L V6 239 MFI N
1993-1993	Dodge	B250 Van	Base	5.2 L V8 318 MFI N
1993-1993	Dodge	B350 Van	Base	5.9 L V8 360 MFI N
1993-1993	Dodge	W250 Pickup (4WD)	Base	5.9 L V8 360 MFI N
1993-1993	Dodge	W350 Pickup (4WD)	Base	5.9 L V8 360 MFI N
